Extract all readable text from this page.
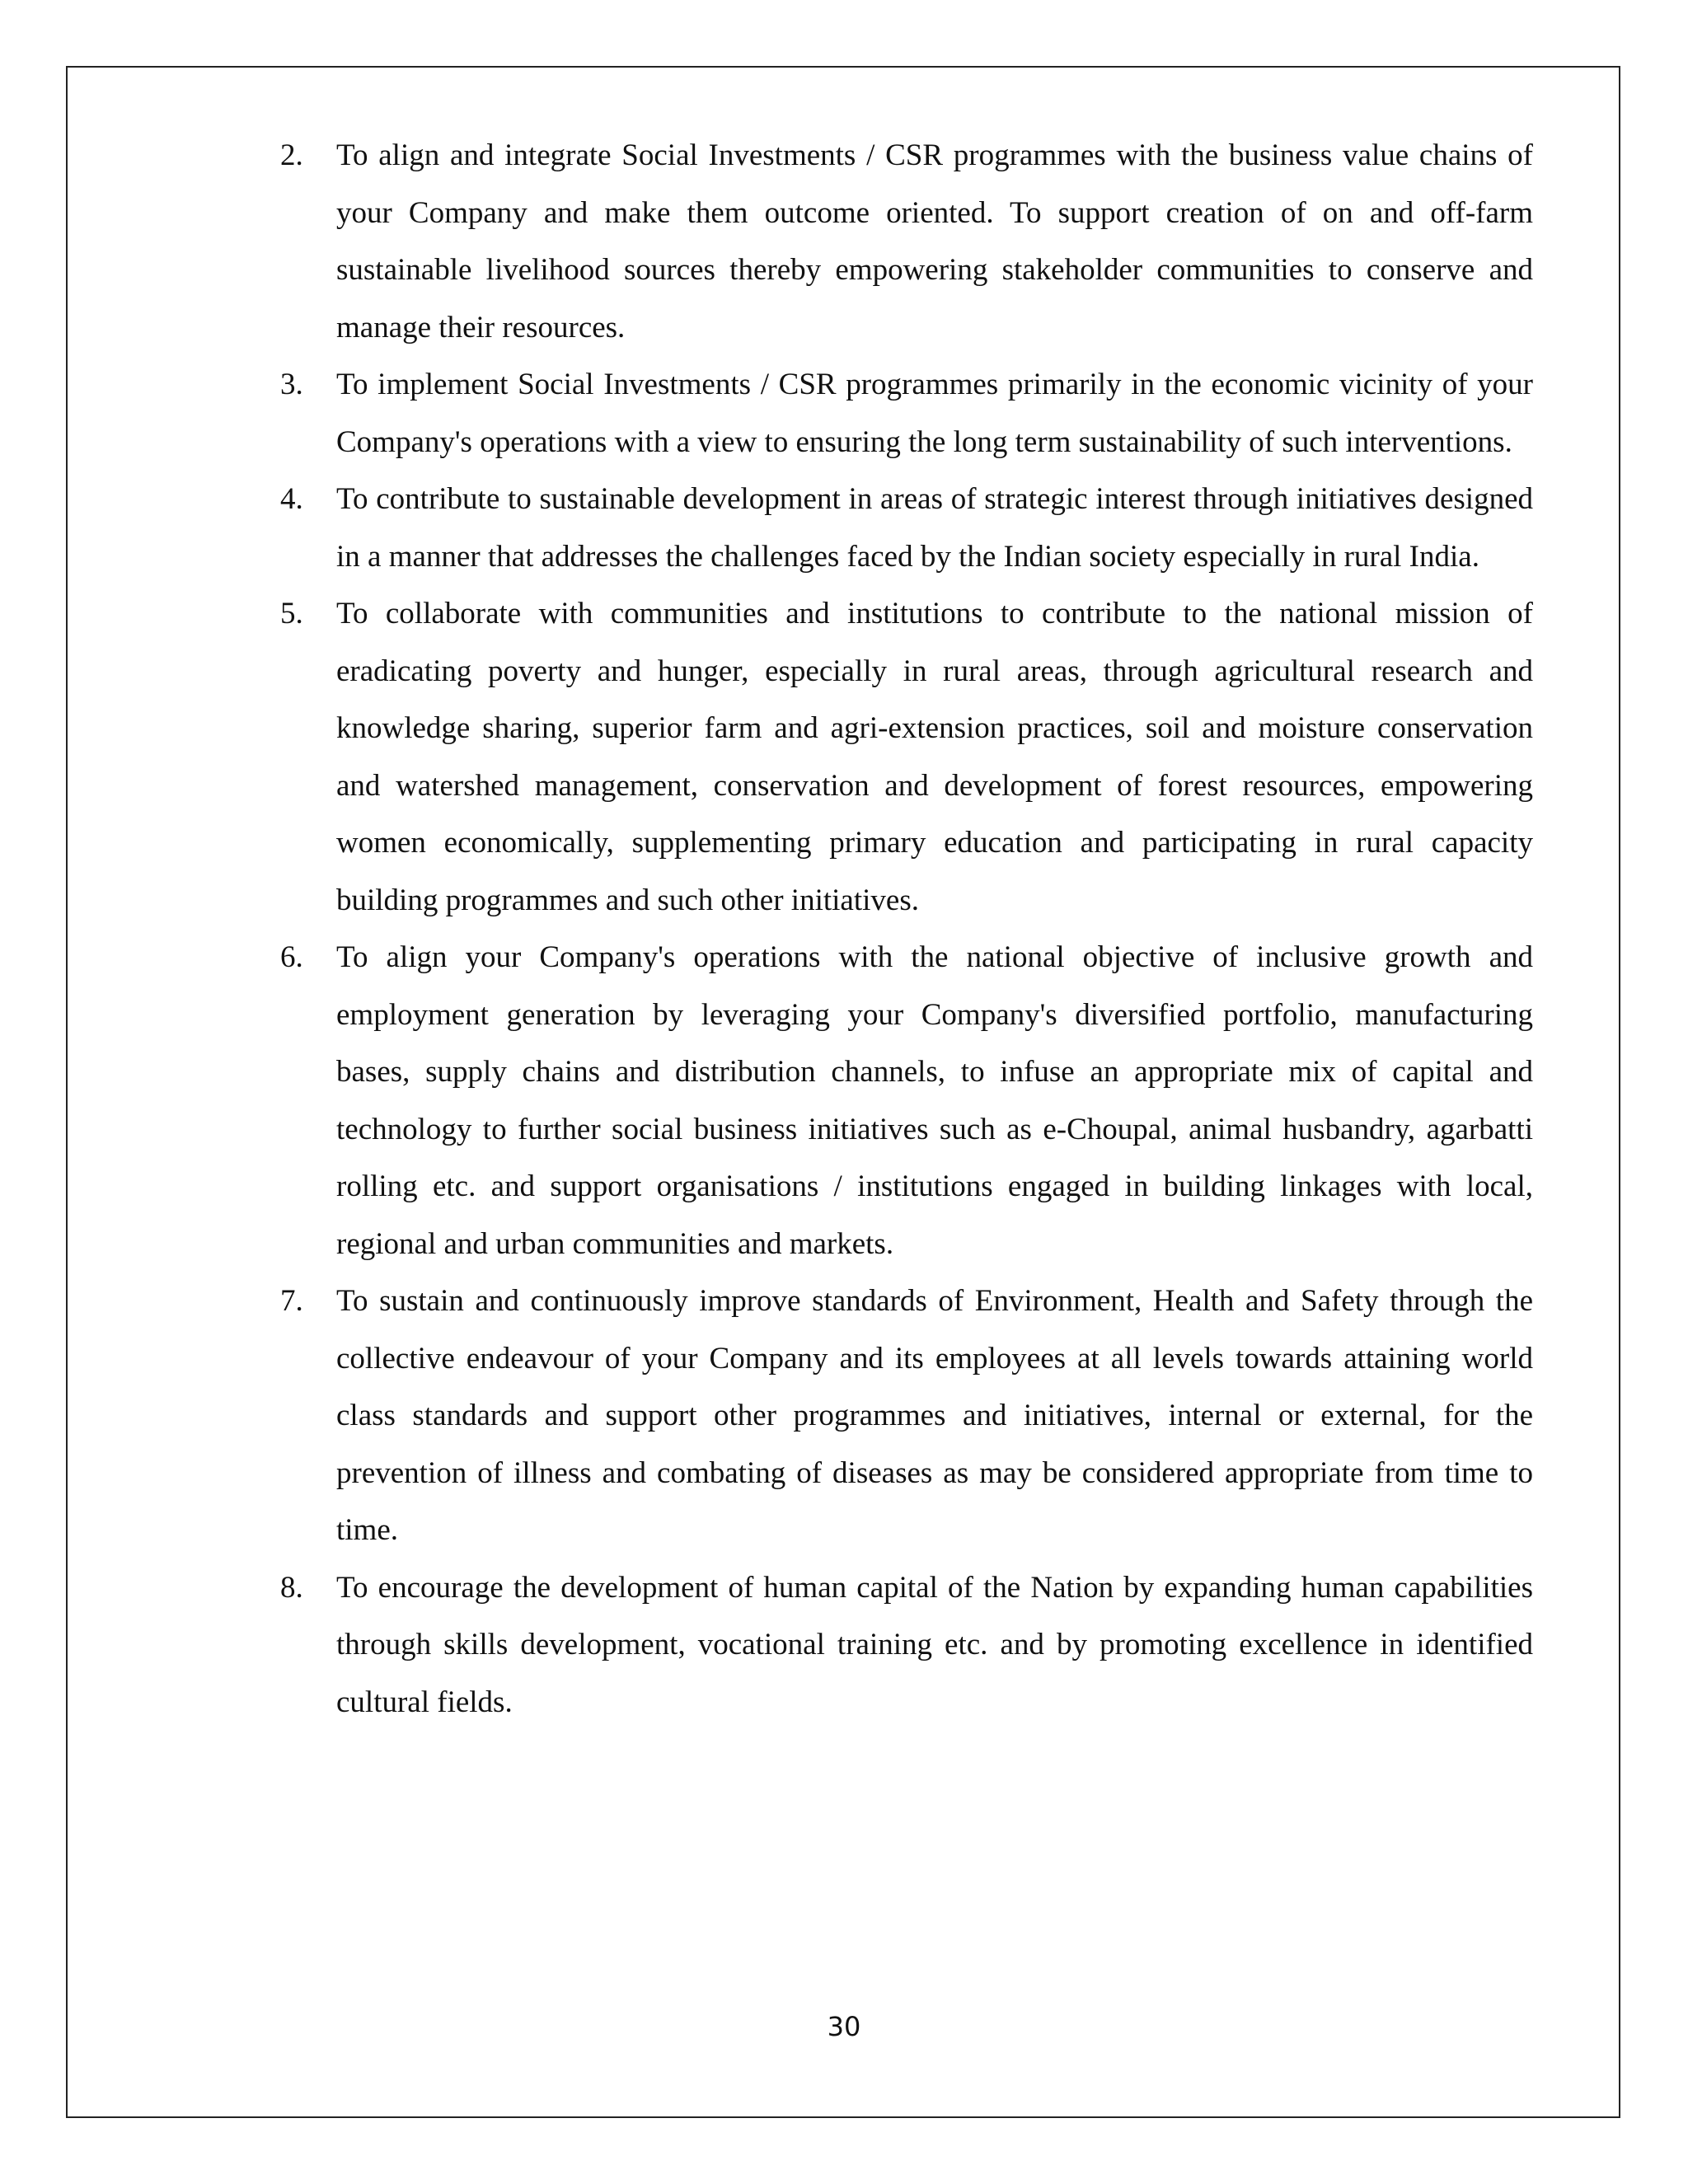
2. To align and integrate Social Investments / CSR programmes with the business value chains of your Company and make them outcome oriented. To support creation of on and off-farm sustainable livelihood sources thereby empowering stakeholder communities to conserve and manage their resources.
3. To implement Social Investments / CSR programmes primarily in the economic vicinity of your Company's operations with a view to ensuring the long term sustainability of such interventions.
4. To contribute to sustainable development in areas of strategic interest through initiatives designed in a manner that addresses the challenges faced by the Indian society especially in rural India.
5. To collaborate with communities and institutions to contribute to the national mission of eradicating poverty and hunger, especially in rural areas, through agricultural research and knowledge sharing, superior farm and agri-extension practices, soil and moisture conservation and watershed management, conservation and development of forest resources, empowering women economically, supplementing primary education and participating in rural capacity building programmes and such other initiatives.
6. To align your Company's operations with the national objective of inclusive growth and employment generation by leveraging your Company's diversified portfolio, manufacturing bases, supply chains and distribution channels, to infuse an appropriate mix of capital and technology to further social business initiatives such as e-Choupal, animal husbandry, agarbatti rolling etc. and support organisations / institutions engaged in building linkages with local, regional and urban communities and markets.
7. To sustain and continuously improve standards of Environment, Health and Safety through the collective endeavour of your Company and its employees at all levels towards attaining world class standards and support other programmes and initiatives, internal or external, for the prevention of illness and combating of diseases as may be considered appropriate from time to time.
8. To encourage the development of human capital of the Nation by expanding human capabilities through skills development, vocational training etc. and by promoting excellence in identified cultural fields.
30
